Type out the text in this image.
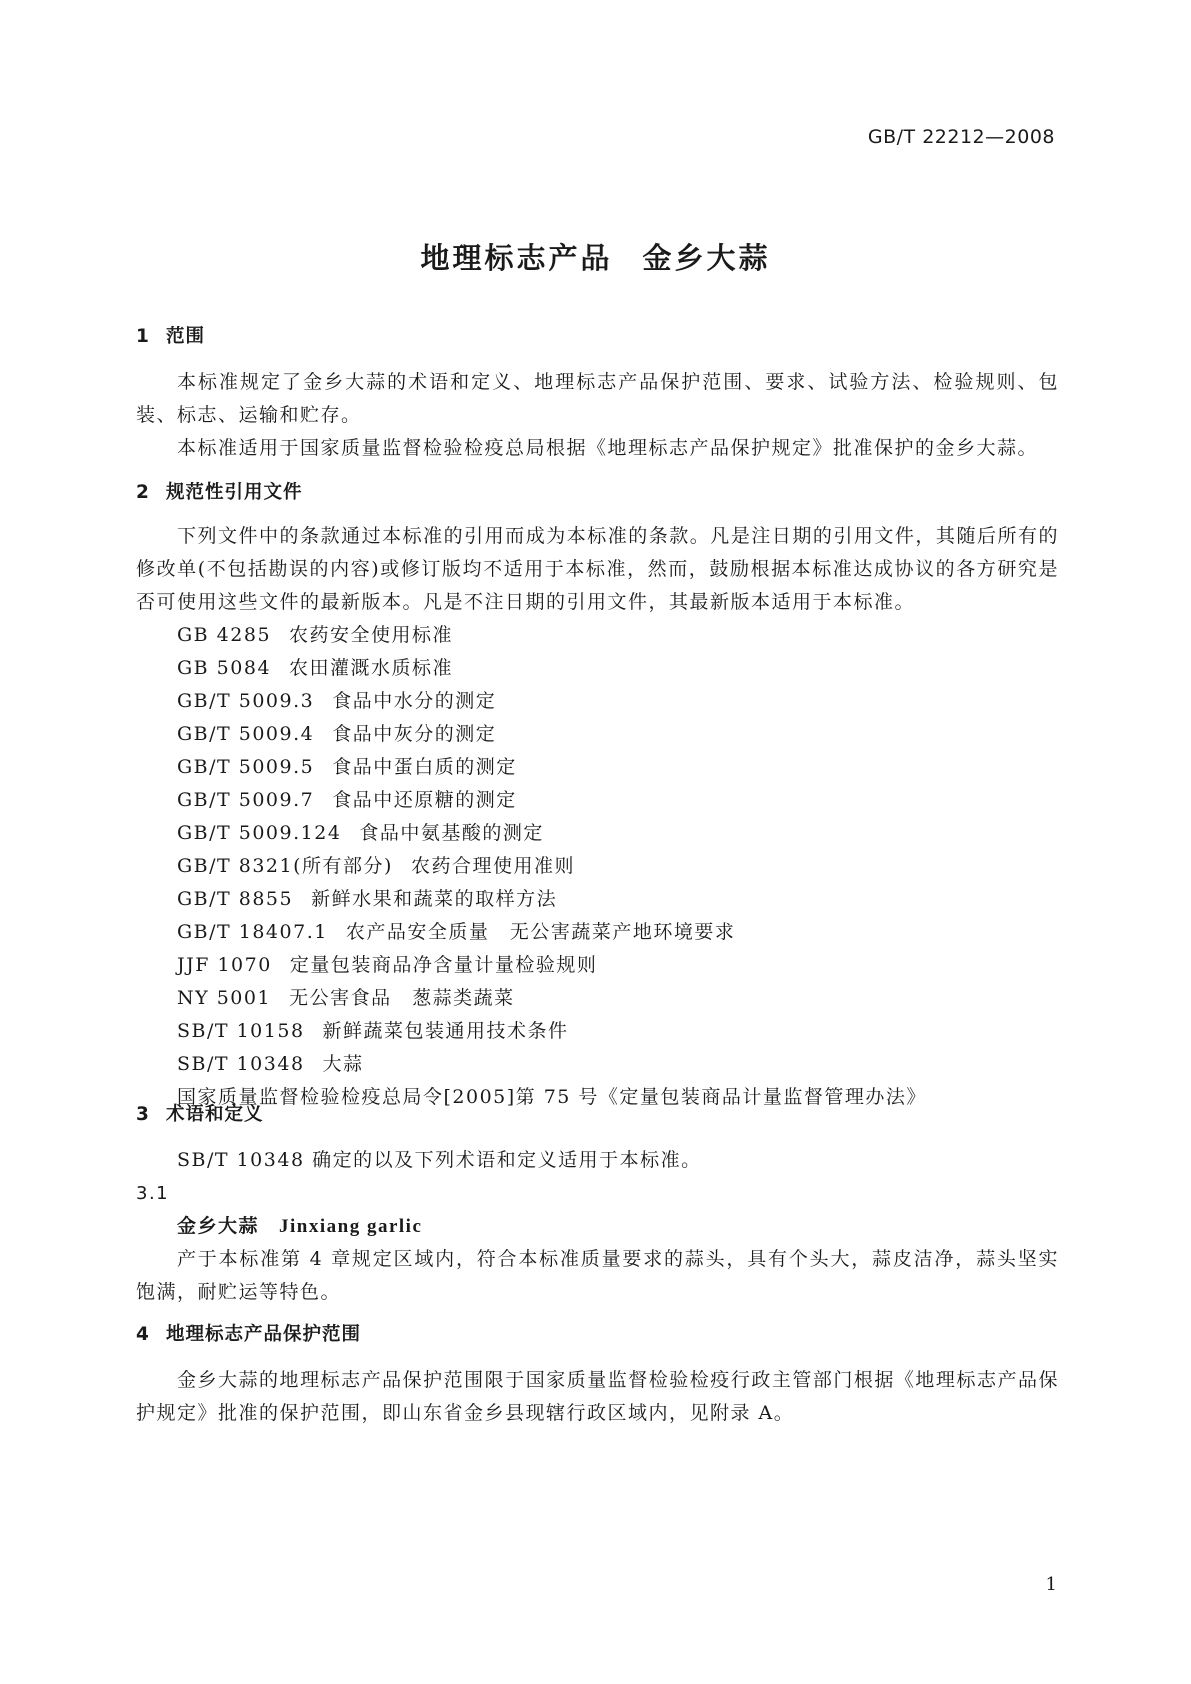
GB/T 22212—2008
地理标志产品 金乡大蒜
1 范围
本标准规定了金乡大蒜的术语和定义、地理标志产品保护范围、要求、试验方法、检验规则、包装、标志、运输和贮存。
本标准适用于国家质量监督检验检疫总局根据《地理标志产品保护规定》批准保护的金乡大蒜。
2 规范性引用文件
下列文件中的条款通过本标准的引用而成为本标准的条款。凡是注日期的引用文件，其随后所有的修改单(不包括勘误的内容)或修订版均不适用于本标准，然而，鼓励根据本标准达成协议的各方研究是否可使用这些文件的最新版本。凡是不注日期的引用文件，其最新版本适用于本标准。
GB 4285 农药安全使用标准
GB 5084 农田灌溉水质标准
GB/T 5009.3 食品中水分的测定
GB/T 5009.4 食品中灰分的测定
GB/T 5009.5 食品中蛋白质的测定
GB/T 5009.7 食品中还原糖的测定
GB/T 5009.124 食品中氨基酸的测定
GB/T 8321(所有部分) 农药合理使用准则
GB/T 8855 新鲜水果和蔬菜的取样方法
GB/T 18407.1 农产品安全质量　无公害蔬菜产地环境要求
JJF 1070 定量包装商品净含量计量检验规则
NY 5001 无公害食品　葱蒜类蔬菜
SB/T 10158 新鲜蔬菜包装通用技术条件
SB/T 10348 大蒜
国家质量监督检验检疫总局令[2005]第 75 号《定量包装商品计量监督管理办法》
3 术语和定义
SB/T 10348 确定的以及下列术语和定义适用于本标准。
3.1
金乡大蒜 Jinxiang garlic
产于本标准第 4 章规定区域内，符合本标准质量要求的蒜头，具有个头大，蒜皮洁净，蒜头坚实饱满，耐贮运等特色。
4 地理标志产品保护范围
金乡大蒜的地理标志产品保护范围限于国家质量监督检验检疫行政主管部门根据《地理标志产品保护规定》批准的保护范围，即山东省金乡县现辖行政区域内，见附录 A。
1
